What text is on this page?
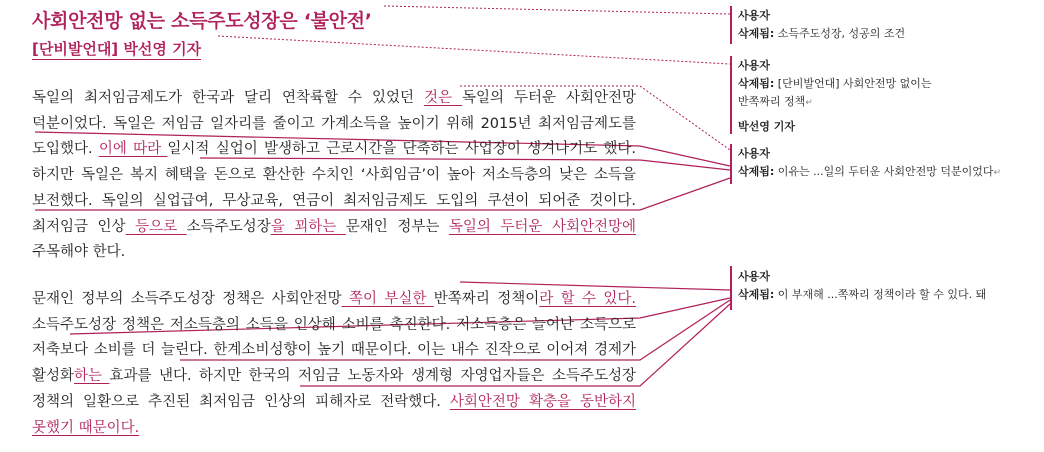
사회안전망 없는 소득주도성장은 ‘불안전’
[단비발언대] 박선영 기자
독일의 최저임금제도가 한국과 달리 연착륙할 수 있었던 것은 독일의 두터운 사회안전망 덕분이었다. 독일은 저임금 일자리를 줄이고 가계소득을 높이기 위해 2015년 최저임금제도를 도입했다. 이에 따라 일시적 실업이 발생하고 근로시간을 단축하는 사업장이 생겨나기도 했다. 하지만 독일은 복지 혜택을 돈으로 환산한 수치인 ‘사회임금’이 높아 저소득층의 낮은 소득을 보전했다. 독일의 실업급여, 무상교육, 연금이 최저임금제도 도입의 쿠션이 되어준 것이다. 최저임금 인상 등으로 소득주도성장을 꾀하는 문재인 정부는 독일의 두터운 사회안전망에 주목해야 한다.
문재인 정부의 소득주도성장 정책은 사회안전망 쪽이 부실한 반쪽짜리 정책이라 할 수 있다. 소득주도성장 정책은 저소득층의 소득을 인상해 소비를 촉진한다. 저소득층은 늘어난 소득으로 저축보다 소비를 더 늘린다. 한계소비성향이 높기 때문이다. 이는 내수 진작으로 이어져 경제가 활성화하는 효과를 낸다. 하지만 한국의 저임금 노동자와 생계형 자영업자들은 소득주도성장 정책의 일환으로 추진된 최저임금 인상의 피해자로 전락했다. 사회안전망 확충을 동반하지 못했기 때문이다.
사용자
삭제됨: 소득주도성장, 성공의 조건
사용자
삭제됨: [단비발언대] 사회안전망 없이는 반쪽짜리 정책↵
박선영 기자
사용자
삭제됨: 이유는 ...일의 두터운 사회안전망 덕분이었다↵
사용자
삭제됨: 이 부재해 ...쪽짜리 정책이라 할 수 있다. 돼
